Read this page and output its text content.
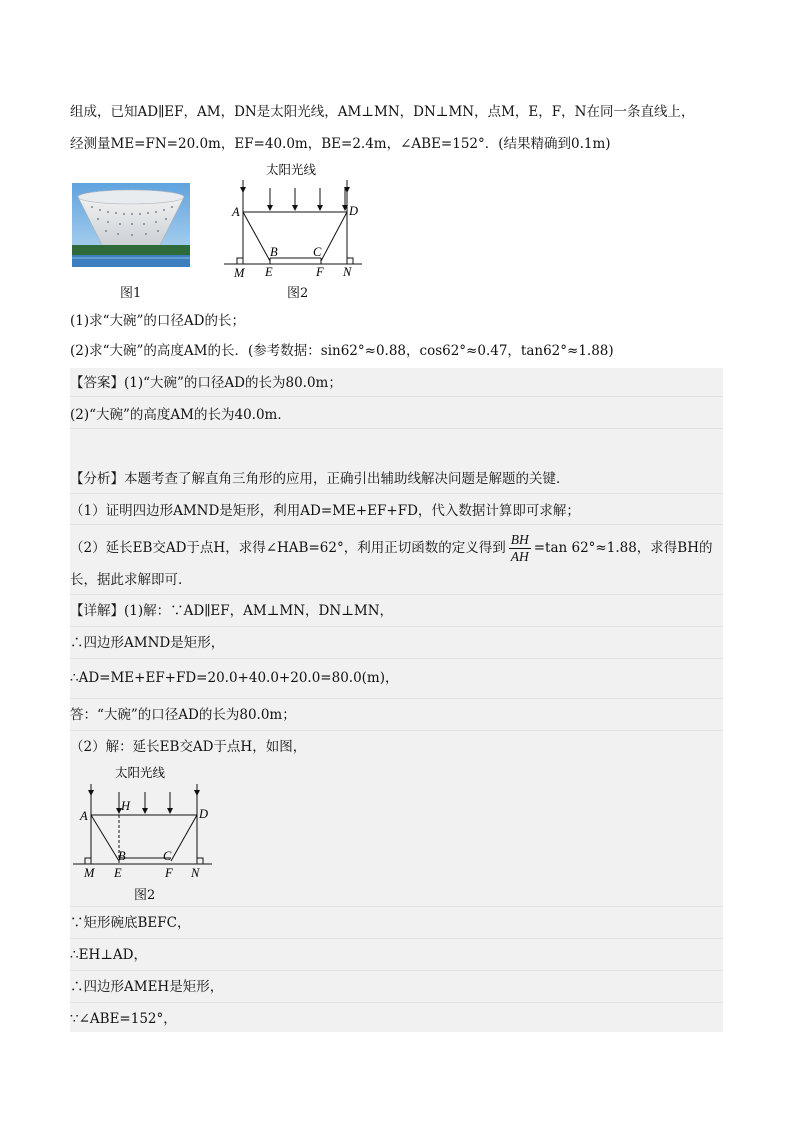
组成，已知AD∥EF，AM，DN是太阳光线，AM⊥MN，DN⊥MN，点M，E，F，N在同一条直线上，
经测量ME=FN=20.0m，EF=40.0m，BE=2.4m，∠ABE=152°．(结果精确到0.1m)
图1
太阳光线
A	D
B	C
M E	F N
图2
(1)求“大碗”的口径AD的长；
(2)求“大碗”的高度AM的长．(参考数据：sin62°≈0.88，cos62°≈0.47，tan62°≈1.88)
【答案】(1)“大碗”的口径AD的长为80.0m；
(2)“大碗”的高度AM的长为40.0m．
【分析】本题考查了解直角三角形的应用，正确引出辅助线解决问题是解题的关键．
（1）证明四边形AMND是矩形，利用AD=ME+EF+FD，代入数据计算即可求解；
（2）延长EB交AD于点H，求得∠HAB=62°，利用正切函数的定义得到 $\frac{BH}{AH} =\tan$ 62°≈1.88，求得BH的
长，据此求解即可．
【详解】(1)解：∵AD∥EF，AM⊥MN，DN⊥MN，
∴四边形AMND是矩形，
∴AD=ME+EF+FD=20.0+40.0+20.0=80.0(m)，
答：“大碗”的口径AD的长为80.0m；
（2）解：延长EB交AD于点H，如图，
太阳光线
H
A	D
B	C
M E	F N
图2
∵矩形碗底BEFC，
∴EH⊥AD，
∴四边形AMEH是矩形，
∵∠ABE=152°，
